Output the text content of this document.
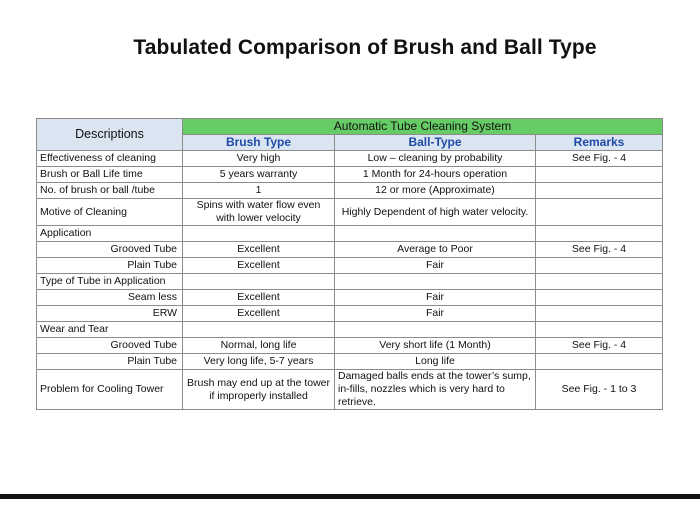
Tabulated Comparison of Brush and Ball Type
Descriptions	Automatic Tube Cleaning System		
	Brush Type	Ball-Type	Remarks
Effectiveness of cleaning	Very high	Low – cleaning by probability	See Fig. - 4
Brush or Ball Life time	5 years warranty	1 Month for 24-hours operation	
No. of brush or ball /tube	1	12 or more (Approximate)	
Motive of Cleaning	Spins with water flow even with lower velocity	Highly Dependent of high water velocity.	
Application			
Grooved Tube	Excellent	Average to Poor	See Fig. - 4
Plain Tube	Excellent	Fair	
Type of Tube in Application			
Seam less	Excellent	Fair	
ERW	Excellent	Fair	
Wear and Tear			
Grooved Tube	Normal, long life	Very short life (1 Month)	See Fig. - 4
Plain Tube	Very long life, 5-7 years	Long life	
Problem for Cooling Tower	Brush may end up at the tower if improperly installed	Damaged balls ends at the tower’s sump, in-fills, nozzles which is very hard to retrieve.	See Fig. - 1 to 3
